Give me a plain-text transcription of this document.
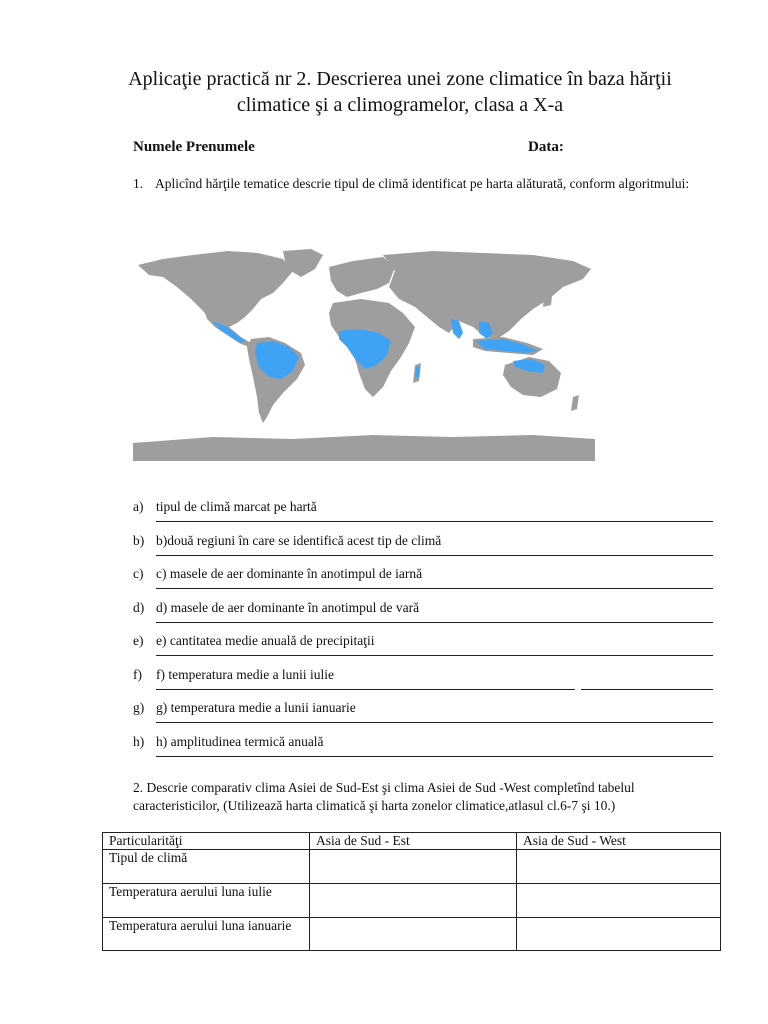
Aplicaţie practică nr 2. Descrierea unei zone climatice în baza hărţii
climatice şi a climogramelor, clasa a X-a
Numele Prenumele	Data:
1. Aplicînd hărţile tematice descrie tipul de climă identificat pe harta alăturată, conform algoritmului:
a) tipul de climă marcat pe hartă
b) b)două regiuni în care se identifică acest tip de climă
c) c) masele de aer dominante în anotimpul de iarnă
d) d) masele de aer dominante în anotimpul de vară
e) e) cantitatea medie anuală de precipitaţii
f) f) temperatura medie a lunii iulie
g) g) temperatura medie a lunii ianuarie
h) h) amplitudinea termică anuală
2. Descrie comparativ clima Asiei de Sud-Est şi clima Asiei de Sud -West completînd tabelul caracteristicilor, (Utilizează harta climatică şi harta zonelor climatice,atlasul cl.6-7 şi 10.)
Particularităţi	Asia de Sud - Est	Asia de Sud - West
Tipul de climă		
Temperatura aerului luna iulie		
Temperatura aerului luna ianuarie		
